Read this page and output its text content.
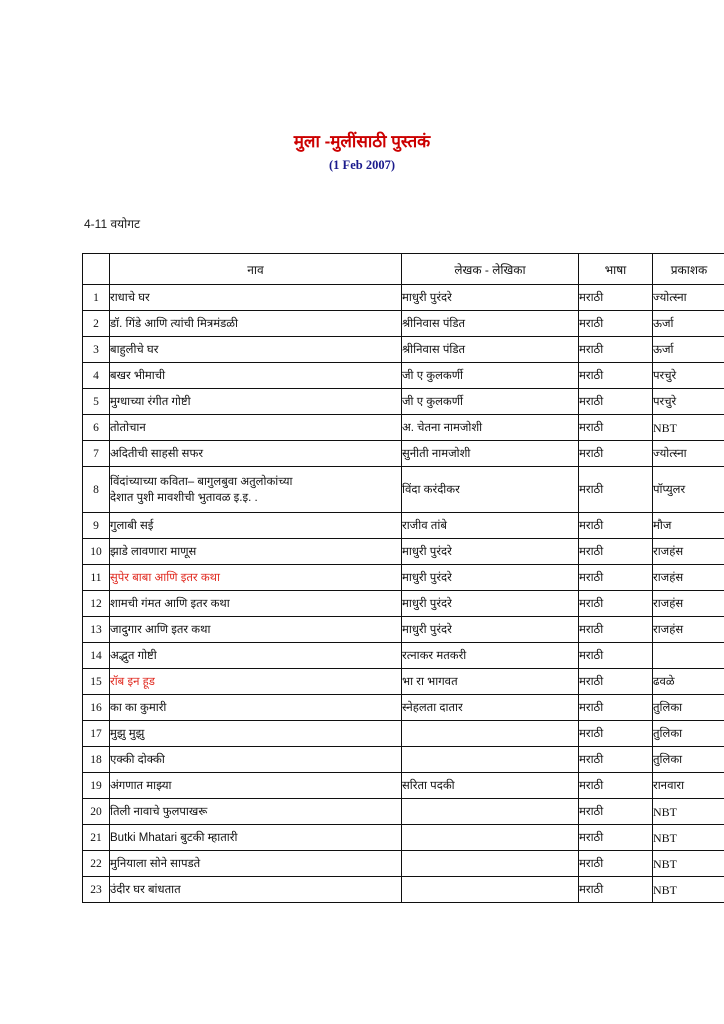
मुला -मुलींसाठी पुस्तकं
(1 Feb 2007)
4-11 वयोगट
	नाव	लेखक - लेखिका	भाषा	प्रकाशक
1	राधाचे घर	माधुरी पुरंदरे	मराठी	ज्योत्स्ना
2	डॉ. गिंडे आणि त्यांची मित्रमंडळी	श्रीनिवास पंडित	मराठी	ऊर्जा
3	बाहुलीचे घर	श्रीनिवास पंडित	मराठी	ऊर्जा
4	बखर भीमाची	जी ए कुलकर्णी	मराठी	परचुरे
5	मुग्धाच्या रंगीत गोष्टी	जी ए कुलकर्णी	मराठी	परचुरे
6	तोतोचान	अ. चेतना नामजोशी	मराठी	NBT
7	अदितीची साहसी सफर	सुनीती नामजोशी	मराठी	ज्योत्स्ना
8	विंदांच्याच्या कविता– बागुलबुवा अतुलोकांच्या
देशात पुशी मावशीची भुतावळ इ.इ. .	विंदा करंदीकर	मराठी	पॉप्युलर
9	गुलाबी सई	राजीव तांबे	मराठी	मौज
10	झाडे लावणारा माणूस	माधुरी पुरंदरे	मराठी	राजहंस
11	सुपेर बाबा आणि इतर कथा	माधुरी पुरंदरे	मराठी	राजहंस
12	शामची गंमत आणि इतर कथा	माधुरी पुरंदरे	मराठी	राजहंस
13	जादुगार आणि इतर कथा	माधुरी पुरंदरे	मराठी	राजहंस
14	अद्भुत गोष्टी	रत्नाकर मतकरी	मराठी	
15	रॉब इन हूड	भा रा भागवत	मराठी	ढवळे
16	का का कुमारी	स्नेहलता दातार	मराठी	तुलिका
17	मुझु मुझु		मराठी	तुलिका
18	एक्की दोक्की		मराठी	तुलिका
19	अंगणात माझ्या	सरिता पदकी	मराठी	रानवारा
20	तिली नावाचे फुलपाखरू		मराठी	NBT
21	Butki Mhatari बुटकी म्हातारी		मराठी	NBT
22	मुनियाला सोने सापडते		मराठी	NBT
23	उंदीर घर बांधतात		मराठी	NBT
